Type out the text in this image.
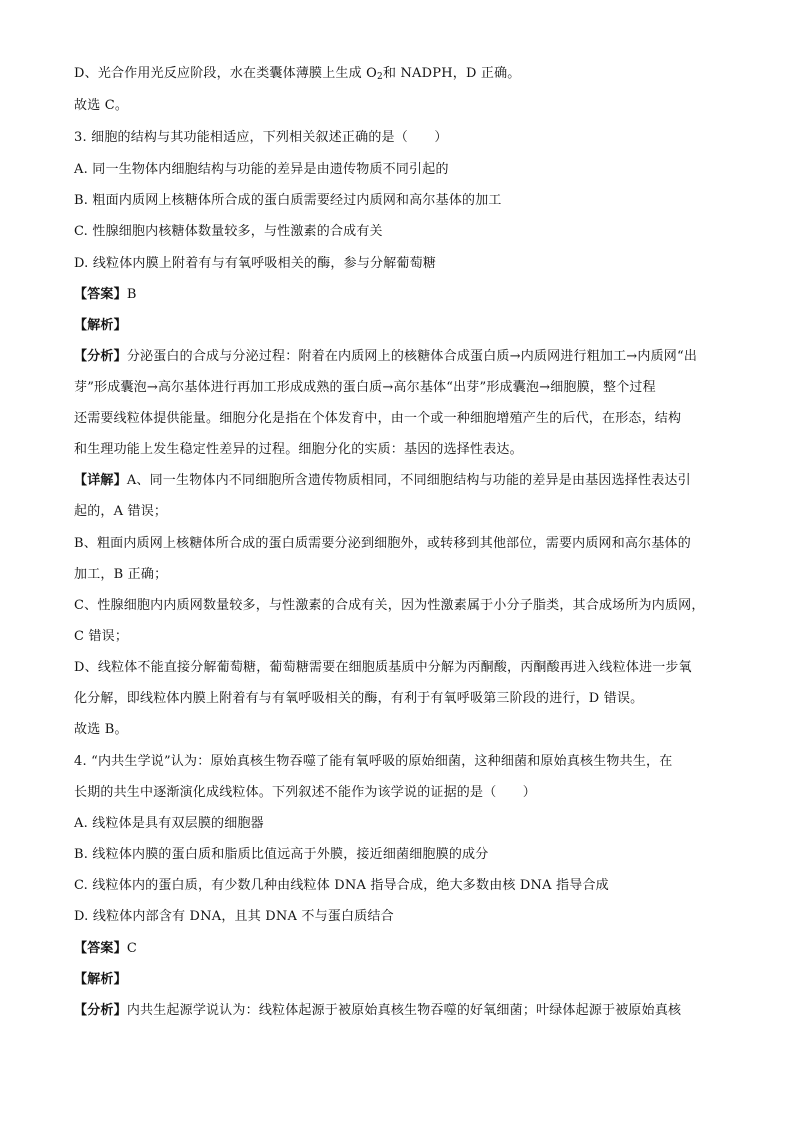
D、光合作用光反应阶段，水在类囊体薄膜上生成 $O_2$和 NADPH，D 正确。
故选 C。
3. 细胞的结构与其功能相适应，下列相关叙述正确的是（　　）
A. 同一生物体内细胞结构与功能的差异是由遗传物质不同引起的
B. 粗面内质网上核糖体所合成的蛋白质需要经过内质网和高尔基体的加工
C. 性腺细胞内核糖体数量较多，与性激素的合成有关
D. 线粒体内膜上附着有与有氧呼吸相关的酶，参与分解葡萄糖
【答案】B
【解析】
【分析】分泌蛋白的合成与分泌过程：附着在内质网上的核糖体合成蛋白质→内质网进行粗加工→内质网“出
芽”形成囊泡→高尔基体进行再加工形成成熟的蛋白质→高尔基体“出芽”形成囊泡→细胞膜，整个过程
还需要线粒体提供能量。细胞分化是指在个体发育中，由一个或一种细胞增殖产生的后代，在形态，结构
和生理功能上发生稳定性差异的过程。细胞分化的实质：基因的选择性表达。
【详解】A、同一生物体内不同细胞所含遗传物质相同，不同细胞结构与功能的差异是由基因选择性表达引
起的，A 错误；
B、粗面内质网上核糖体所合成的蛋白质需要分泌到细胞外，或转移到其他部位，需要内质网和高尔基体的
加工，B 正确；
C、性腺细胞内内质网数量较多，与性激素的合成有关，因为性激素属于小分子脂类，其合成场所为内质网，
C 错误；
D、线粒体不能直接分解葡萄糖，葡萄糖需要在细胞质基质中分解为丙酮酸，丙酮酸再进入线粒体进一步氧
化分解，即线粒体内膜上附着有与有氧呼吸相关的酶，有利于有氧呼吸第三阶段的进行，D 错误。
故选 B。
4. “内共生学说”认为：原始真核生物吞噬了能有氧呼吸的原始细菌，这种细菌和原始真核生物共生，在
长期的共生中逐渐演化成线粒体。下列叙述不能作为该学说的证据的是（　　）
A. 线粒体是具有双层膜的细胞器
B. 线粒体内膜的蛋白质和脂质比值远高于外膜，接近细菌细胞膜的成分
C. 线粒体内的蛋白质，有少数几种由线粒体 DNA 指导合成，绝大多数由核 DNA 指导合成
D. 线粒体内部含有 DNA，且其 DNA 不与蛋白质结合
【答案】C
【解析】
【分析】内共生起源学说认为：线粒体起源于被原始真核生物吞噬的好氧细菌；叶绿体起源于被原始真核
